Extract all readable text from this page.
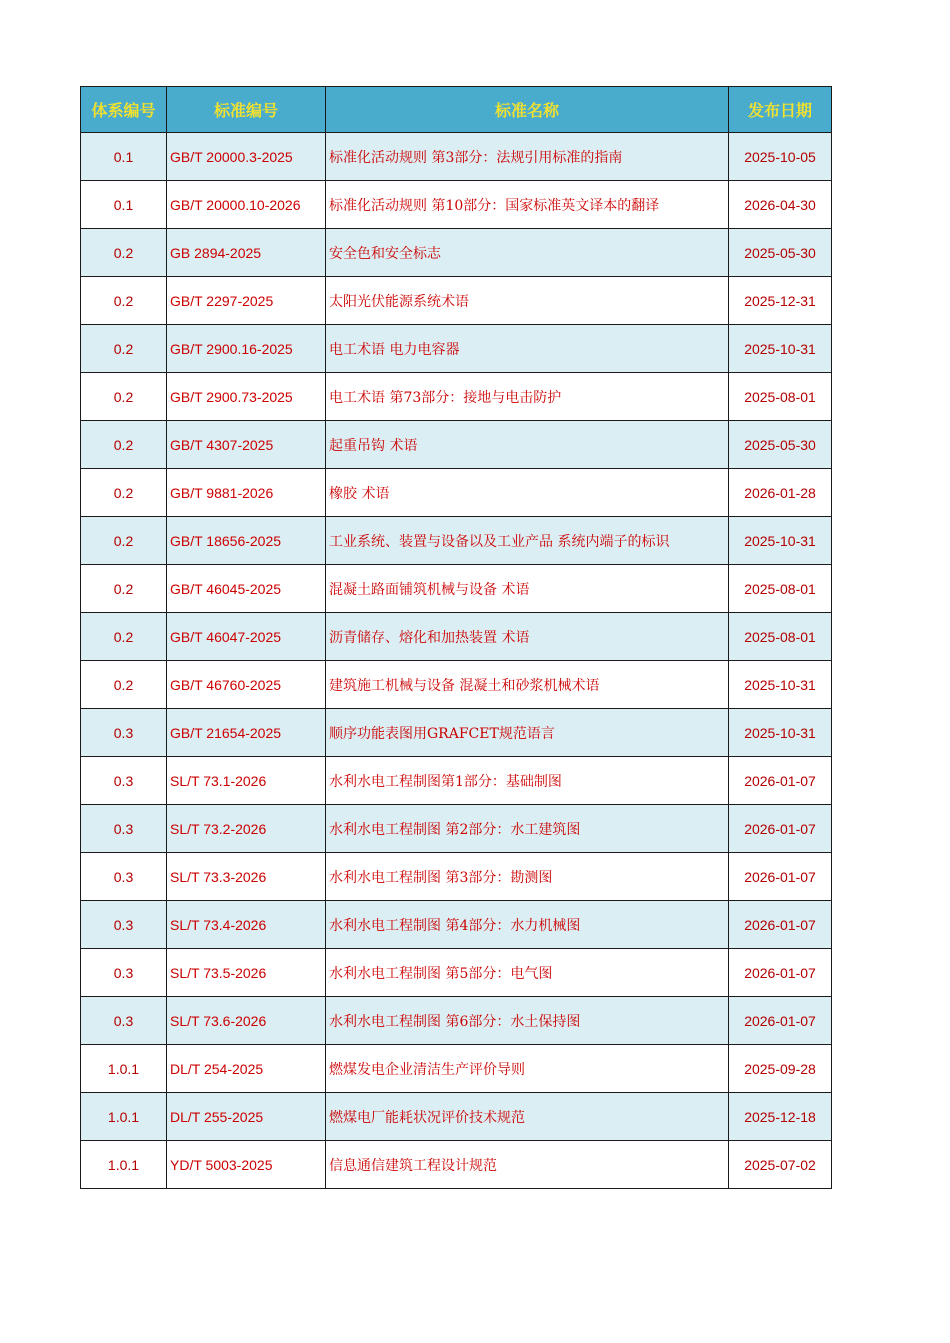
体系编号	标准编号	标准名称	发布日期
0.1	GB/T 20000.3-2025	标准化活动规则 第3部分：法规引用标准的指南	2025-10-05
0.1	GB/T 20000.10-2026	标准化活动规则 第10部分：国家标准英文译本的翻译	2026-04-30
0.2	GB 2894-2025	安全色和安全标志	2025-05-30
0.2	GB/T 2297-2025	太阳光伏能源系统术语	2025-12-31
0.2	GB/T 2900.16-2025	电工术语 电力电容器	2025-10-31
0.2	GB/T 2900.73-2025	电工术语 第73部分：接地与电击防护	2025-08-01
0.2	GB/T 4307-2025	起重吊钩 术语	2025-05-30
0.2	GB/T 9881-2026	橡胶 术语	2026-01-28
0.2	GB/T 18656-2025	工业系统、装置与设备以及工业产品 系统内端子的标识	2025-10-31
0.2	GB/T 46045-2025	混凝土路面铺筑机械与设备 术语	2025-08-01
0.2	GB/T 46047-2025	沥青储存、熔化和加热装置 术语	2025-08-01
0.2	GB/T 46760-2025	建筑施工机械与设备 混凝土和砂浆机械术语	2025-10-31
0.3	GB/T 21654-2025	顺序功能表图用GRAFCET规范语言	2025-10-31
0.3	SL/T 73.1-2026	水利水电工程制图第1部分：基础制图	2026-01-07
0.3	SL/T 73.2-2026	水利水电工程制图 第2部分：水工建筑图	2026-01-07
0.3	SL/T 73.3-2026	水利水电工程制图 第3部分：勘测图	2026-01-07
0.3	SL/T 73.4-2026	水利水电工程制图 第4部分：水力机械图	2026-01-07
0.3	SL/T 73.5-2026	水利水电工程制图 第5部分：电气图	2026-01-07
0.3	SL/T 73.6-2026	水利水电工程制图 第6部分：水土保持图	2026-01-07
1.0.1	DL/T 254-2025	燃煤发电企业清洁生产评价导则	2025-09-28
1.0.1	DL/T 255-2025	燃煤电厂能耗状况评价技术规范	2025-12-18
1.0.1	YD/T 5003-2025	信息通信建筑工程设计规范	2025-07-02
